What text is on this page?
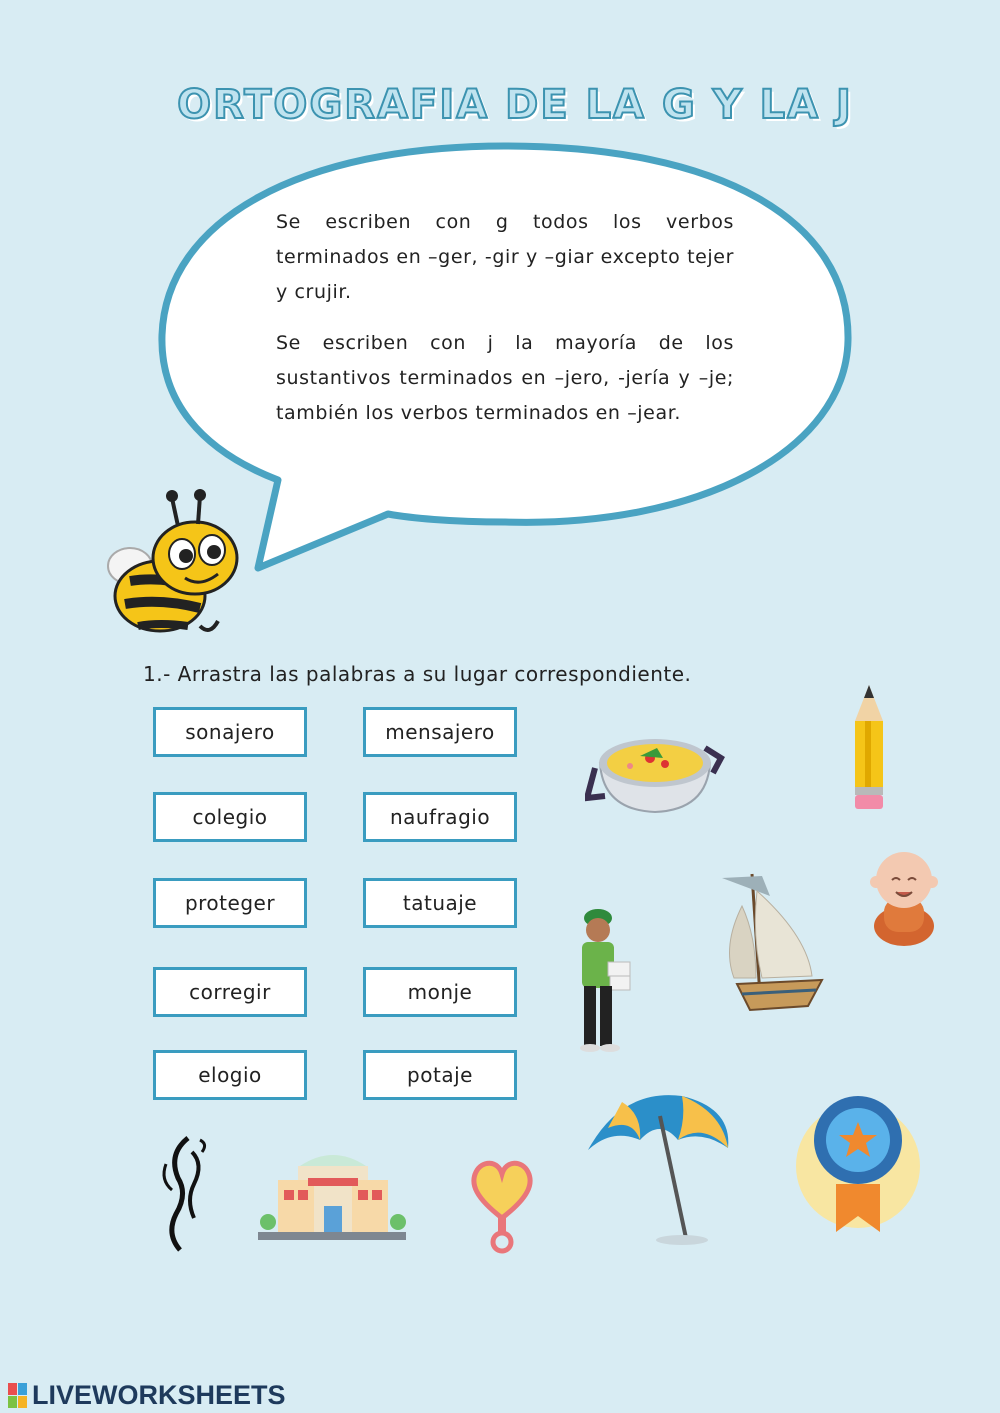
ORTOGRAFIA DE LA G Y LA J

Se escriben con g todos los verbos terminados en –ger, -gir y –giar excepto tejer y crujir.

Se escriben con j la mayoría de los sustantivos terminados en –jero, -jería y –je; también los verbos terminados en –jear.

1.- Arrastra las palabras a su lugar correspondiente.
sonajero	mensajero
colegio	naufragio
proteger	tatuaje
corregir	monje
elogio	potaje
LIVEWORKSHEETS
